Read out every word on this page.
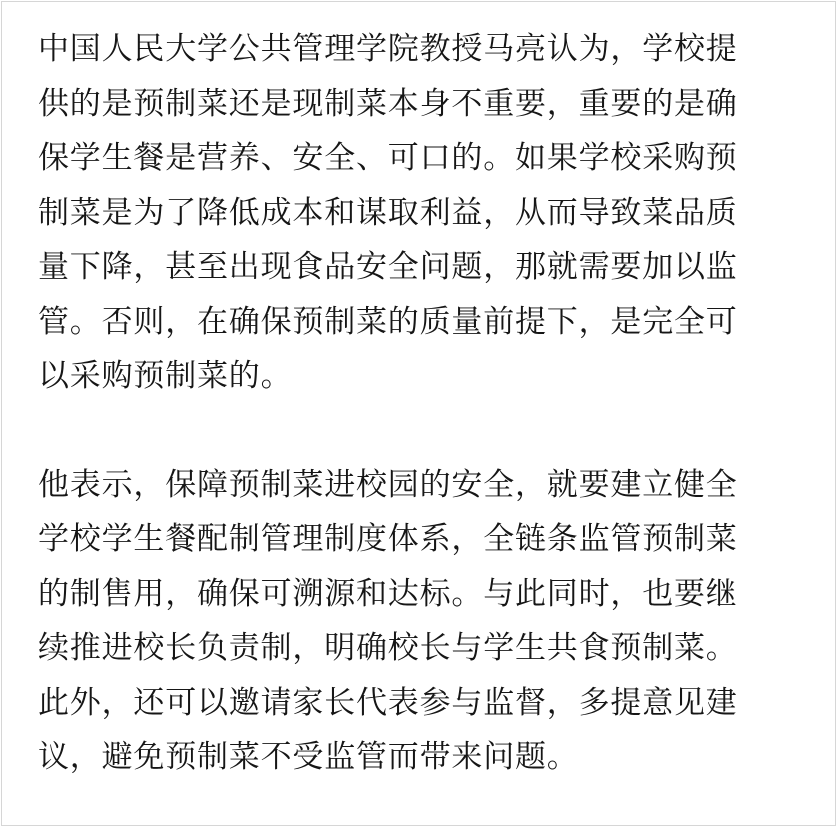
中国人民大学公共管理学院教授马亮认为，学校提
供的是预制菜还是现制菜本身不重要，重要的是确
保学生餐是营养、安全、可口的。如果学校采购预
制菜是为了降低成本和谋取利益，从而导致菜品质
量下降，甚至出现食品安全问题，那就需要加以监
管。否则，在确保预制菜的质量前提下，是完全可
以采购预制菜的。
他表示，保障预制菜进校园的安全，就要建立健全
学校学生餐配制管理制度体系，全链条监管预制菜
的制售用，确保可溯源和达标。与此同时，也要继
续推进校长负责制，明确校长与学生共食预制菜。
此外，还可以邀请家长代表参与监督，多提意见建
议，避免预制菜不受监管而带来问题。
